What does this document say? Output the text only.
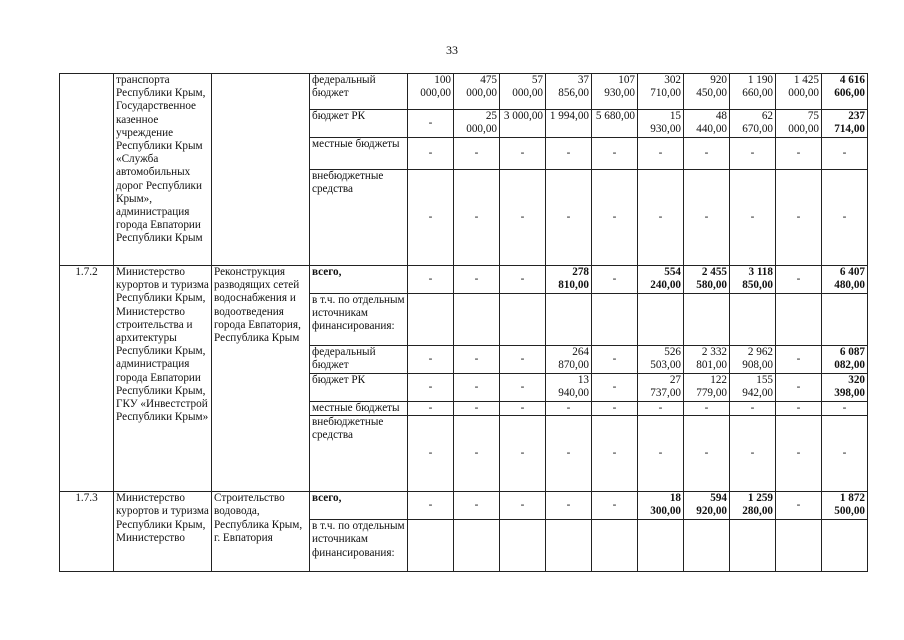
33
	транспорта Республики Крым, Государственное казенное учреждение Республики Крым «Служба автомобильных дорог Республики Крым», администрация города Евпатории Республики Крым		федеральный бюджет	100 000,00	475 000,00	57 000,00	37 856,00	107 930,00	302 710,00	920 450,00	1 190 660,00	1 425 000,00	4 616 606,00
			бюджет РК	-	25 000,00	3 000,00	1 994,00	5 680,00	15 930,00	48 440,00	62 670,00	75 000,00	237 714,00
			местные бюджеты	-	-	-	-	-	-	-	-	-	-
			внебюджетные средства	-	-	-	-	-	-	-	-	-	-
1.7.2	Министерство курортов и туризма Республики Крым, Министерство строительства и архитектуры Республики Крым, администрация города Евпатории Республики Крым, ГКУ «Инвестстрой Республики Крым»	Реконструкция разводящих сетей водоснабжения и водоотведения города Евпатория, Республика Крым	всего,	-	-	-	278 810,00	-	554 240,00	2 455 580,00	3 118 850,00	-	6 407 480,00
			в т.ч. по отдельным источникам финансирования:										
			федеральный бюджет	-	-	-	264 870,00	-	526 503,00	2 332 801,00	2 962 908,00	-	6 087 082,00
			бюджет РК	-	-	-	13 940,00	-	27 737,00	122 779,00	155 942,00	-	320 398,00
			местные бюджеты	-	-	-	-	-	-	-	-	-	-
			внебюджетные средства	-	-	-	-	-	-	-	-	-	-
1.7.3	Министерство курортов и туризма Республики Крым, Министерство	Строительство водовода, Республика Крым, г. Евпатория	всего,	-	-	-	-	-	18 300,00	594 920,00	1 259 280,00	-	1 872 500,00
			в т.ч. по отдельным источникам финансирования:										
